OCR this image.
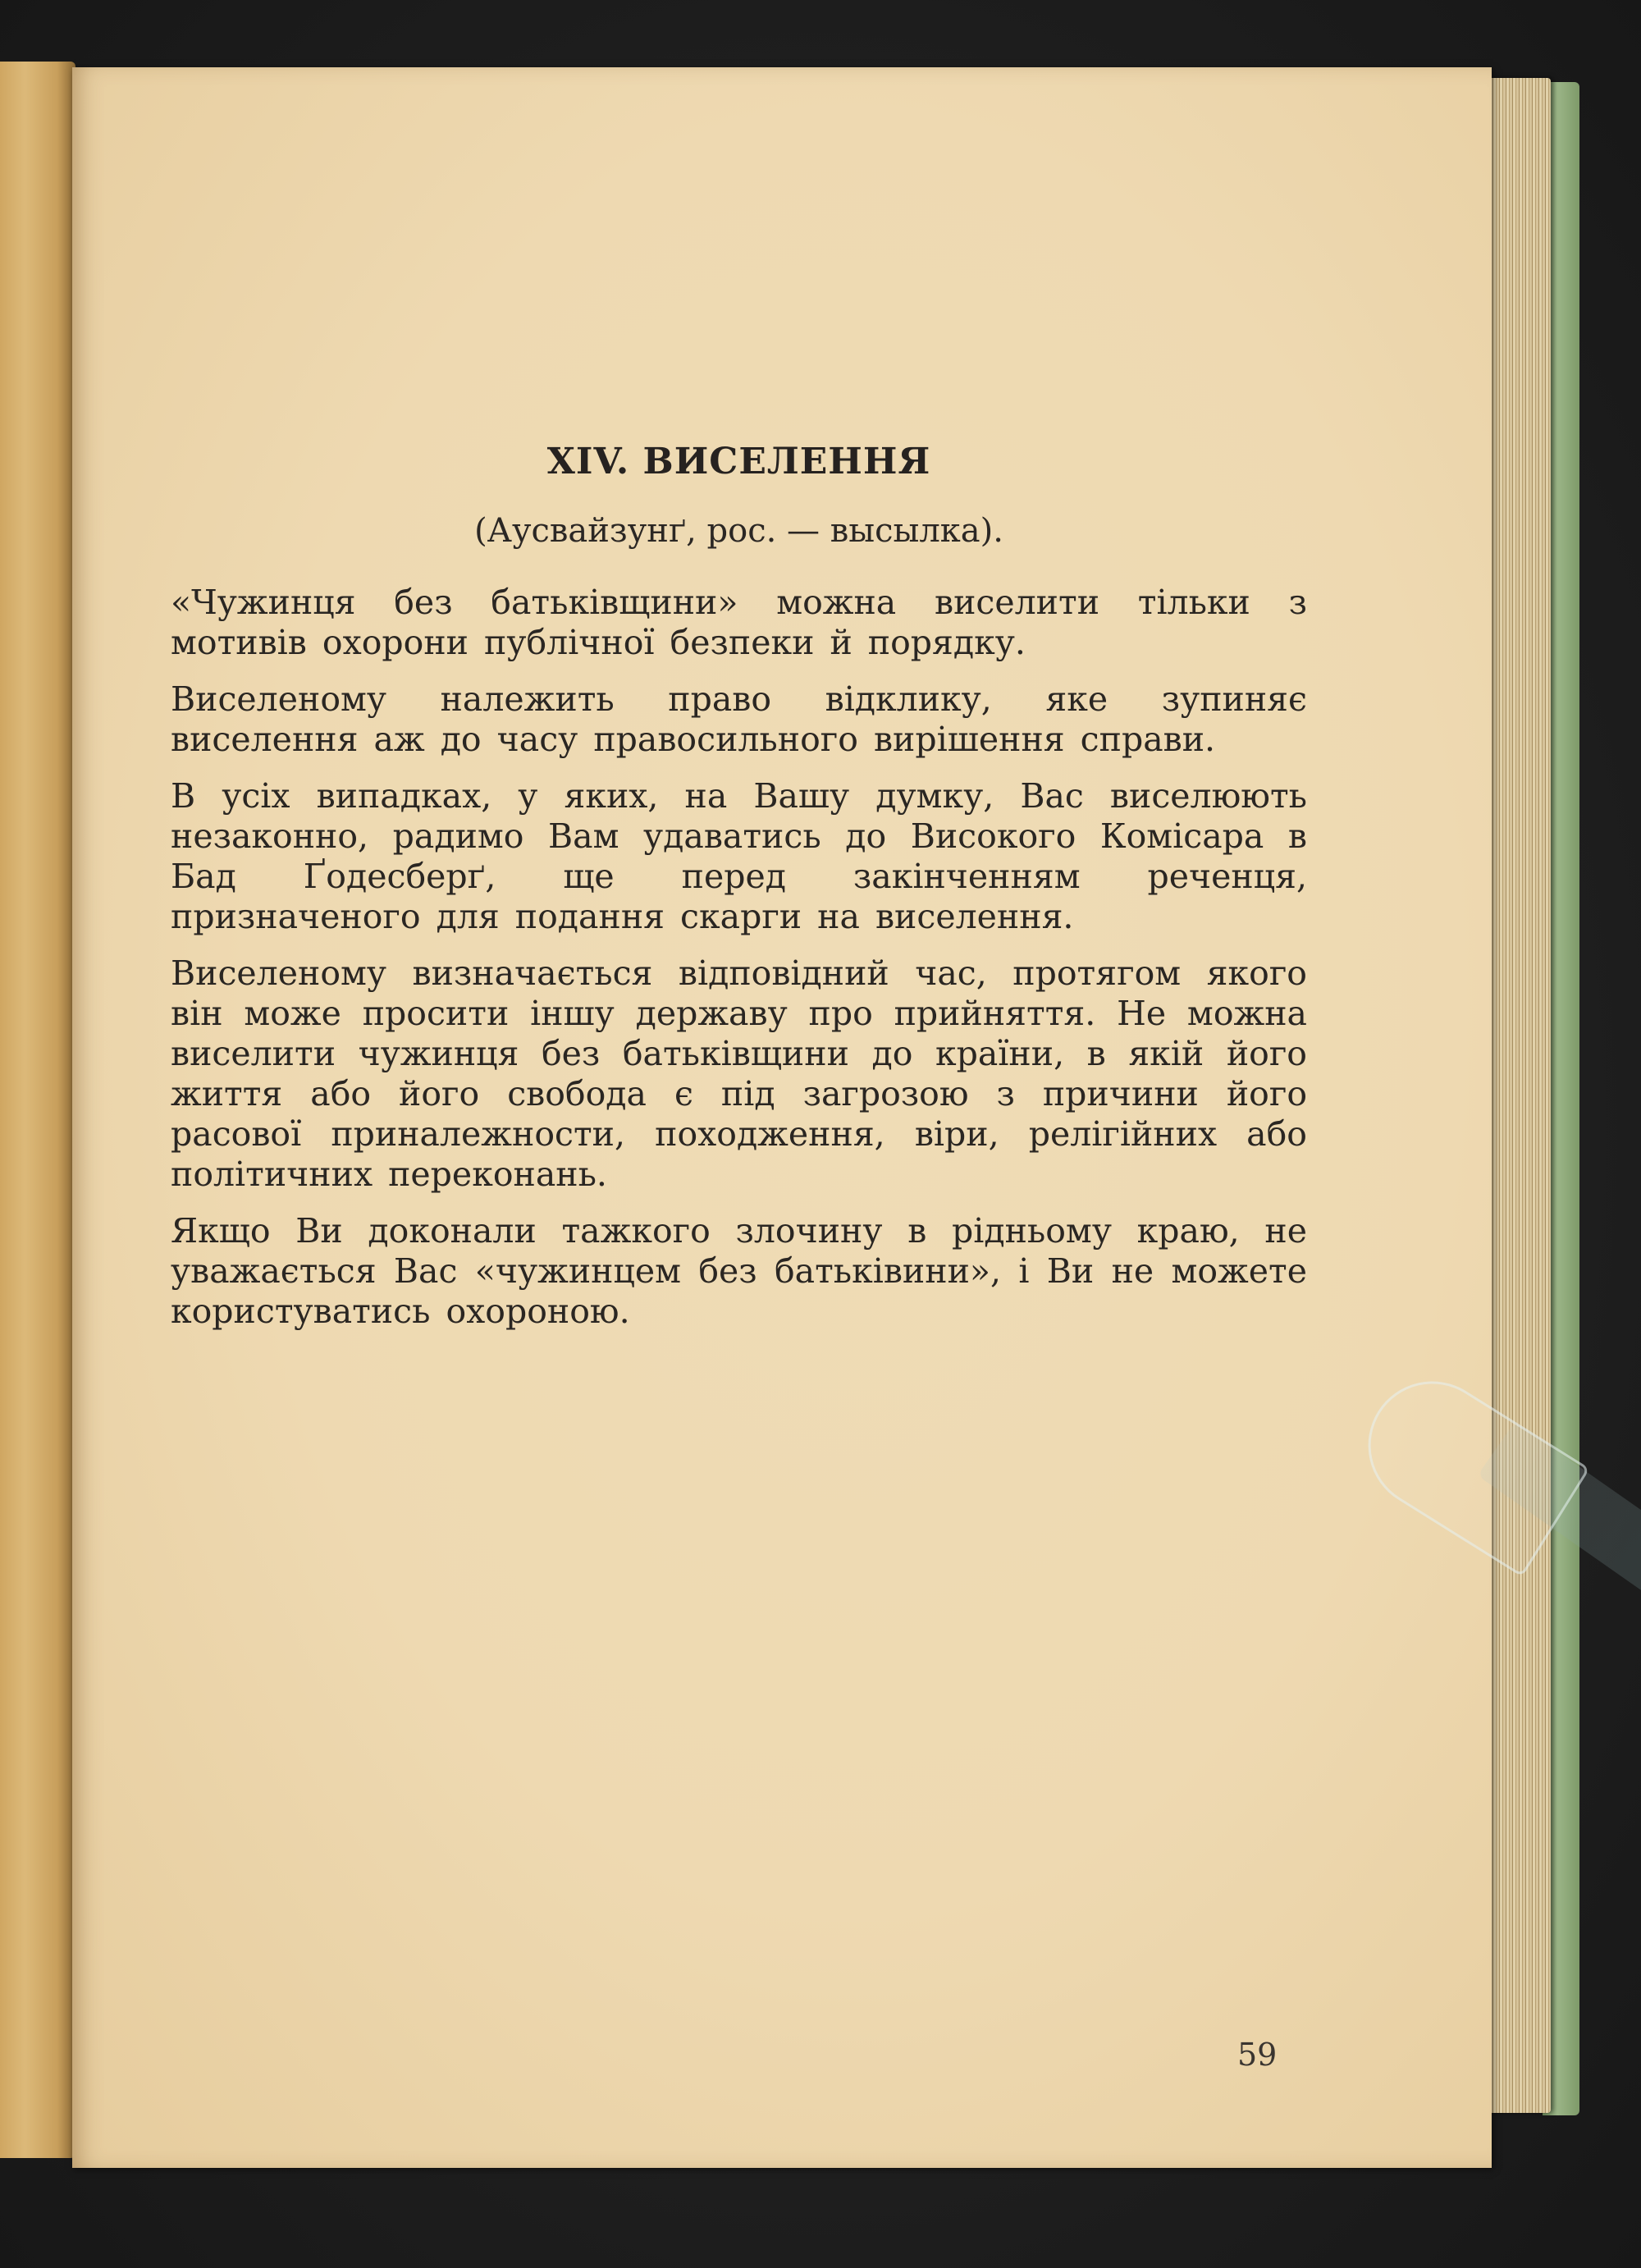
XIV. ВИСЕЛЕННЯ

(Аусвайзунґ, рос. — высылка).

«Чужинця без батьківщини» можна виселити тільки з мотивів охорони публічної безпеки й порядку.

Виселеному належить право відклику, яке зупиняє виселення аж до часу правосильного вирішення справи.

В усіх випадках, у яких, на Вашу думку, Вас виселюють незаконно, радимо Вам удаватись до Високого Комісара в Бад Ґодесберґ, ще перед закінченням реченця, призначеного для подання скарги на виселення.

Виселеному визначається відповідний час, протягом якого він може просити іншу державу про прийняття. Не можна виселити чужинця без батьківщини до країни, в якій його життя або його свобода є під загрозою з причини його расової приналежности, походження, віри, релігійних або політичних переконань.

Якщо Ви доконали тажкого злочину в рідньому краю, не уважається Вас «чужинцем без батьківини», і Ви не можете користуватись охороною.

59
